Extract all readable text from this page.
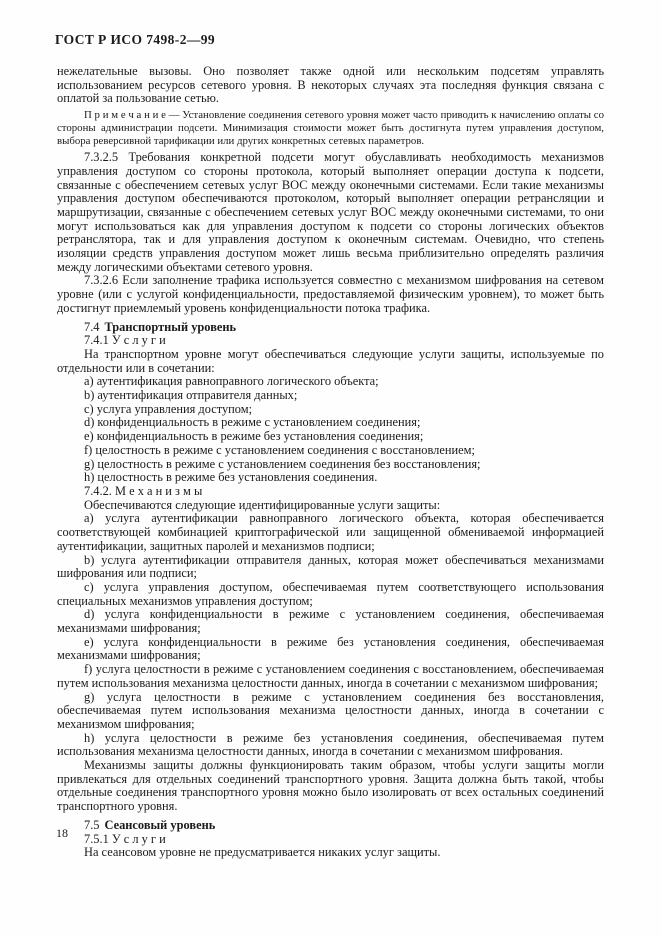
ГОСТ Р ИСО 7498-2—99

нежелательные вызовы. Оно позволяет также одной или нескольким подсетям управлять использованием ресурсов сетевого уровня. В некоторых случаях эта последняя функция связана с оплатой за пользование сетью.

П р и м е ч а н и е — Установление соединения сетевого уровня может часто приводить к начислению оплаты со стороны администрации подсети. Минимизация стоимости может быть достигнута путем управления доступом, выбора реверсивной тарификации или других конкретных сетевых параметров.

7.3.2.5 Требования конкретной подсети могут обуславливать необходимость механизмов управления доступом со стороны протокола, который выполняет операции доступа к подсети, связанные с обеспечением сетевых услуг ВОС между оконечными системами. Если такие механизмы управления доступом обеспечиваются протоколом, который выполняет операции ретрансляции и маршрутизации, связанные с обеспечением сетевых услуг ВОС между оконечными системами, то они могут использоваться как для управления доступом к подсети со стороны логических объектов ретранслятора, так и для управления доступом к оконечным системам. Очевидно, что степень изоляции средств управления доступом может лишь весьма приблизительно определять различия между логическими объектами сетевого уровня.

7.3.2.6 Если заполнение трафика используется совместно с механизмом шифрования на сетевом уровне (или с услугой конфиденциальности, предоставляемой физическим уровнем), то может быть достигнут приемлемый уровень конфиденциальности потока трафика.

7.4 Транспортный уровень

7.4.1 У с л у г и

На транспортном уровне могут обеспечиваться следующие услуги защиты, используемые по отдельности или в сочетании:

a) аутентификация равноправного логического объекта;

b) аутентификация отправителя данных;

c) услуга управления доступом;

d) конфиденциальность в режиме с установлением соединения;

e) конфиденциальность в режиме без установления соединения;

f) целостность в режиме с установлением соединения с восстановлением;

g) целостность в режиме с установлением соединения без восстановления;

h) целостность в режиме без установления соединения.

7.4.2. М е х а н и з м ы

Обеспечиваются следующие идентифицированные услуги защиты:

a) услуга аутентификации равноправного логического объекта, которая обеспечивается соответствующей комбинацией криптографической или защищенной обмениваемой информацией аутентификации, защитных паролей и механизмов подписи;

b) услуга аутентификации отправителя данных, которая может обеспечиваться механизмами шифрования или подписи;

c) услуга управления доступом, обеспечиваемая путем соответствующего использования специальных механизмов управления доступом;

d) услуга конфиденциальности в режиме с установлением соединения, обеспечиваемая механизмами шифрования;

e) услуга конфиденциальности в режиме без установления соединения, обеспечиваемая механизмами шифрования;

f) услуга целостности в режиме с установлением соединения с восстановлением, обеспечиваемая путем использования механизма целостности данных, иногда в сочетании с механизмом шифрования;

g) услуга целостности в режиме с установлением соединения без восстановления, обеспечиваемая путем использования механизма целостности данных, иногда в сочетании с механизмом шифрования;

h) услуга целостности в режиме без установления соединения, обеспечиваемая путем использования механизма целостности данных, иногда в сочетании с механизмом шифрования.

Механизмы защиты должны функционировать таким образом, чтобы услуги защиты могли привлекаться для отдельных соединений транспортного уровня. Защита должна быть такой, чтобы отдельные соединения транспортного уровня можно было изолировать от всех остальных соединений транспортного уровня.

7.5 Сеансовый уровень

7.5.1 У с л у г и

На сеансовом уровне не предусматривается никаких услуг защиты.

18
